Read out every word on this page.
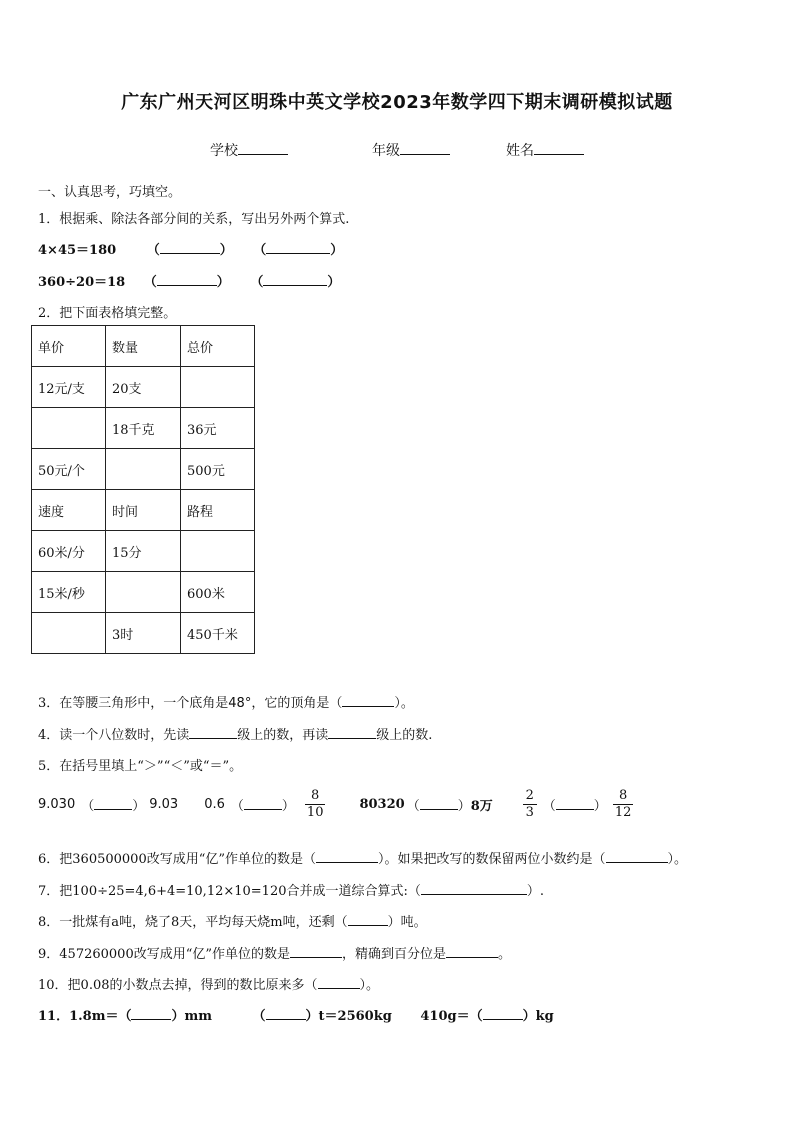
广东广州天河区明珠中英文学校2023年数学四下期末调研模拟试题
学校	年级	姓名
一、认真思考，巧填空。
1．根据乘、除法各部分间的关系，写出另外两个算式.
4×45＝180 （	） （	）
360÷20＝18 （	） （	）
2．把下面表格填完整。
单价	数量	总价
12元/支	20支	
	18千克	36元
50元/个		500元
速度	时间	路程
60米/分	15分	
15米/秒		600米
	3时	450千米
3．在等腰三角形中，一个底角是48°，它的顶角是（	）。
4．读一个八位数时，先读	级上的数，再读	级上的数.
5．在括号里填上“＞”“＜”或“＝”。
9.030 （	） 9.03 0.6 （	） $\frac{8}{10}$	80320 （	） 8万 $\frac{2}{3}$ （	） $\frac{8}{12}$
6．把360500000改写成用“亿”作单位的数是（	）。如果把改写的数保留两位小数约是（	）。
7．把100÷25=4,6+4=10,12×10=120合并成一道综合算式:（	）.
8．一批煤有a吨，烧了8天，平均每天烧m吨，还剩（	）吨。
9．457260000改写成用“亿”作单位的数是	，精确到百分位是	。
10．把0.08的小数点去掉，得到的数比原来多（	）。
11．1.8m＝（	）mm	（	）t＝2560kg 410g＝（	）kg
